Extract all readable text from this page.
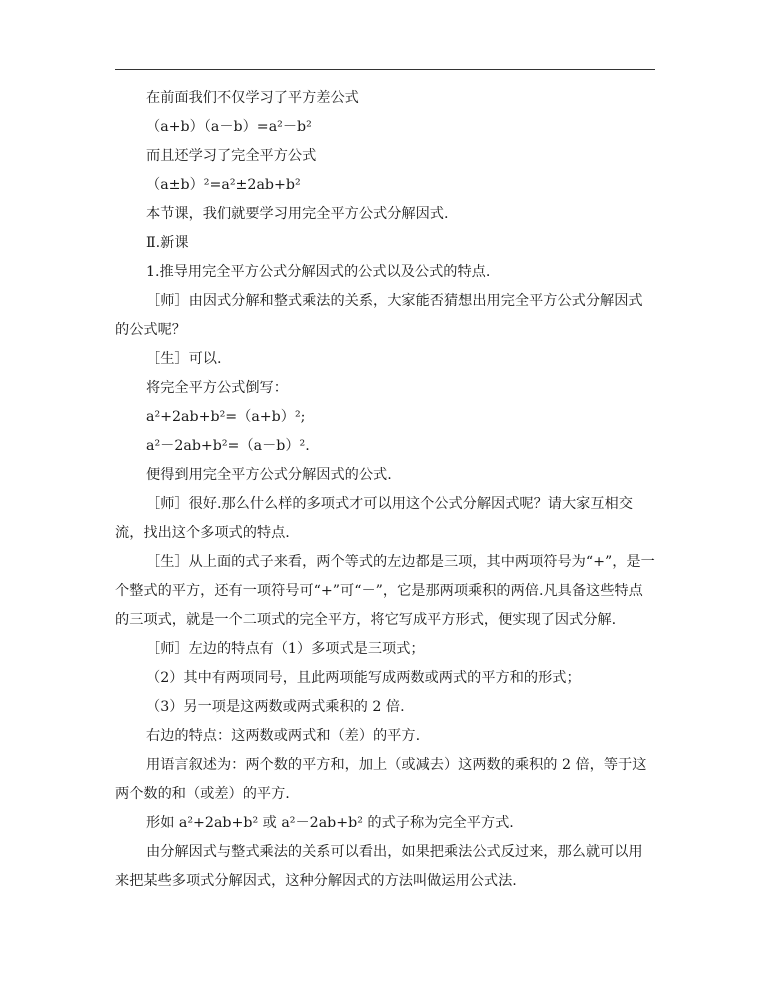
在前面我们不仅学习了平方差公式
（a+b）（a－b）=a²－b²
而且还学习了完全平方公式
（a±b）²=a²±2ab+b²
本节课，我们就要学习用完全平方公式分解因式.
Ⅱ.新课
1.推导用完全平方公式分解因式的公式以及公式的特点.
［师］由因式分解和整式乘法的关系，大家能否猜想出用完全平方公式分解因式的公式呢？
［生］可以.
将完全平方公式倒写：
a²+2ab+b²=（a+b）²;
a²－2ab+b²=（a－b）².
便得到用完全平方公式分解因式的公式.
［师］很好.那么什么样的多项式才可以用这个公式分解因式呢？请大家互相交流，找出这个多项式的特点.
［生］从上面的式子来看，两个等式的左边都是三项，其中两项符号为“+”，是一个整式的平方，还有一项符号可“+”可“－”，它是那两项乘积的两倍.凡具备这些特点的三项式，就是一个二项式的完全平方，将它写成平方形式，便实现了因式分解.
［师］左边的特点有（1）多项式是三项式；
（2）其中有两项同号，且此两项能写成两数或两式的平方和的形式；
（3）另一项是这两数或两式乘积的 2 倍.
右边的特点：这两数或两式和（差）的平方.
用语言叙述为：两个数的平方和，加上（或减去）这两数的乘积的 2 倍，等于这两个数的和（或差）的平方.
形如 a²+2ab+b² 或 a²－2ab+b² 的式子称为完全平方式.
由分解因式与整式乘法的关系可以看出，如果把乘法公式反过来，那么就可以用来把某些多项式分解因式，这种分解因式的方法叫做运用公式法.
